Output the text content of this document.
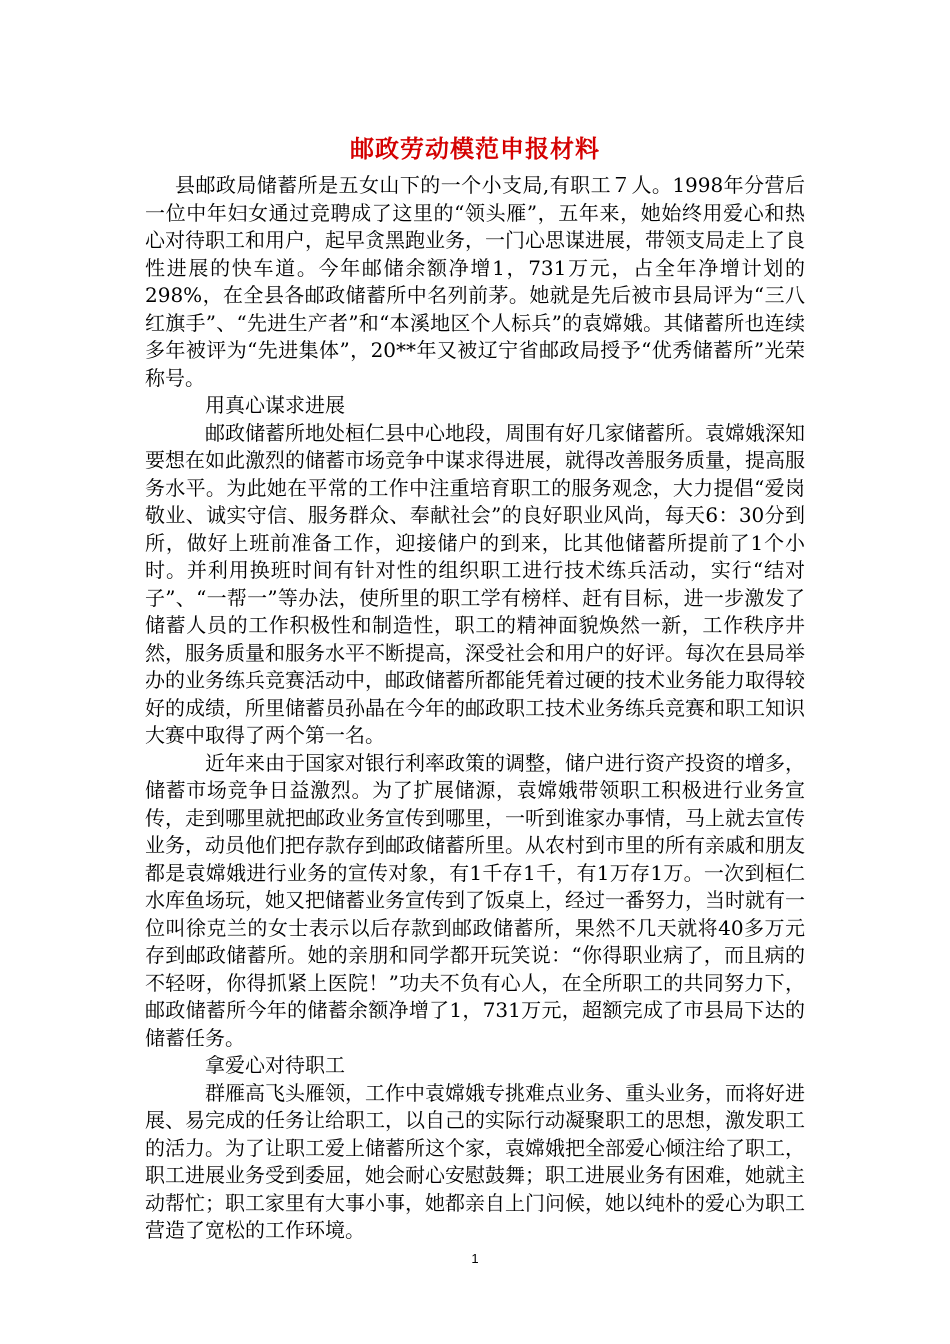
邮政劳动模范申报材料

县邮政局储蓄所是五女山下的一个小支局,有职工７人。1998年分营后一位中年妇女通过竞聘成了这里的“领头雁”，五年来，她始终用爱心和热心对待职工和用户，起早贪黑跑业务，一门心思谋进展，带领支局走上了良性进展的快车道。今年邮储余额净增1，731万元，占全年净增计划的298%，在全县各邮政储蓄所中名列前茅。她就是先后被市县局评为“三八红旗手”、“先进生产者”和“本溪地区个人标兵”的袁嫦娥。其储蓄所也连续多年被评为“先进集体”，20**年又被辽宁省邮政局授予“优秀储蓄所”光荣称号。

用真心谋求进展

邮政储蓄所地处桓仁县中心地段，周围有好几家储蓄所。袁嫦娥深知要想在如此激烈的储蓄市场竞争中谋求得进展，就得改善服务质量，提高服务水平。为此她在平常的工作中注重培育职工的服务观念，大力提倡“爱岗敬业、诚实守信、服务群众、奉献社会”的良好职业风尚，每天6：30分到所，做好上班前准备工作，迎接储户的到来，比其他储蓄所提前了1个小时。并利用换班时间有针对性的组织职工进行技术练兵活动，实行“结对子”、“一帮一”等办法，使所里的职工学有榜样、赶有目标，进一步激发了储蓄人员的工作积极性和制造性，职工的精神面貌焕然一新，工作秩序井然，服务质量和服务水平不断提高，深受社会和用户的好评。每次在县局举办的业务练兵竞赛活动中，邮政储蓄所都能凭着过硬的技术业务能力取得较好的成绩，所里储蓄员孙晶在今年的邮政职工技术业务练兵竞赛和职工知识大赛中取得了两个第一名。

近年来由于国家对银行利率政策的调整，储户进行资产投资的增多，储蓄市场竞争日益激烈。为了扩展储源，袁嫦娥带领职工积极进行业务宣传，走到哪里就把邮政业务宣传到哪里，一听到谁家办事情，马上就去宣传业务，动员他们把存款存到邮政储蓄所里。从农村到市里的所有亲戚和朋友都是袁嫦娥进行业务的宣传对象，有1千存1千，有1万存1万。一次到桓仁水库鱼场玩，她又把储蓄业务宣传到了饭桌上，经过一番努力，当时就有一位叫徐克兰的女士表示以后存款到邮政储蓄所，果然不几天就将40多万元存到邮政储蓄所。她的亲朋和同学都开玩笑说：“你得职业病了，而且病的不轻呀，你得抓紧上医院！”功夫不负有心人，在全所职工的共同努力下，邮政储蓄所今年的储蓄余额净增了1，731万元，超额完成了市县局下达的储蓄任务。

拿爱心对待职工

群雁高飞头雁领，工作中袁嫦娥专挑难点业务、重头业务，而将好进展、易完成的任务让给职工，以自己的实际行动凝聚职工的思想，激发职工的活力。为了让职工爱上储蓄所这个家，袁嫦娥把全部爱心倾注给了职工，职工进展业务受到委屈，她会耐心安慰鼓舞；职工进展业务有困难，她就主动帮忙；职工家里有大事小事，她都亲自上门问候，她以纯朴的爱心为职工营造了宽松的工作环境。

1
